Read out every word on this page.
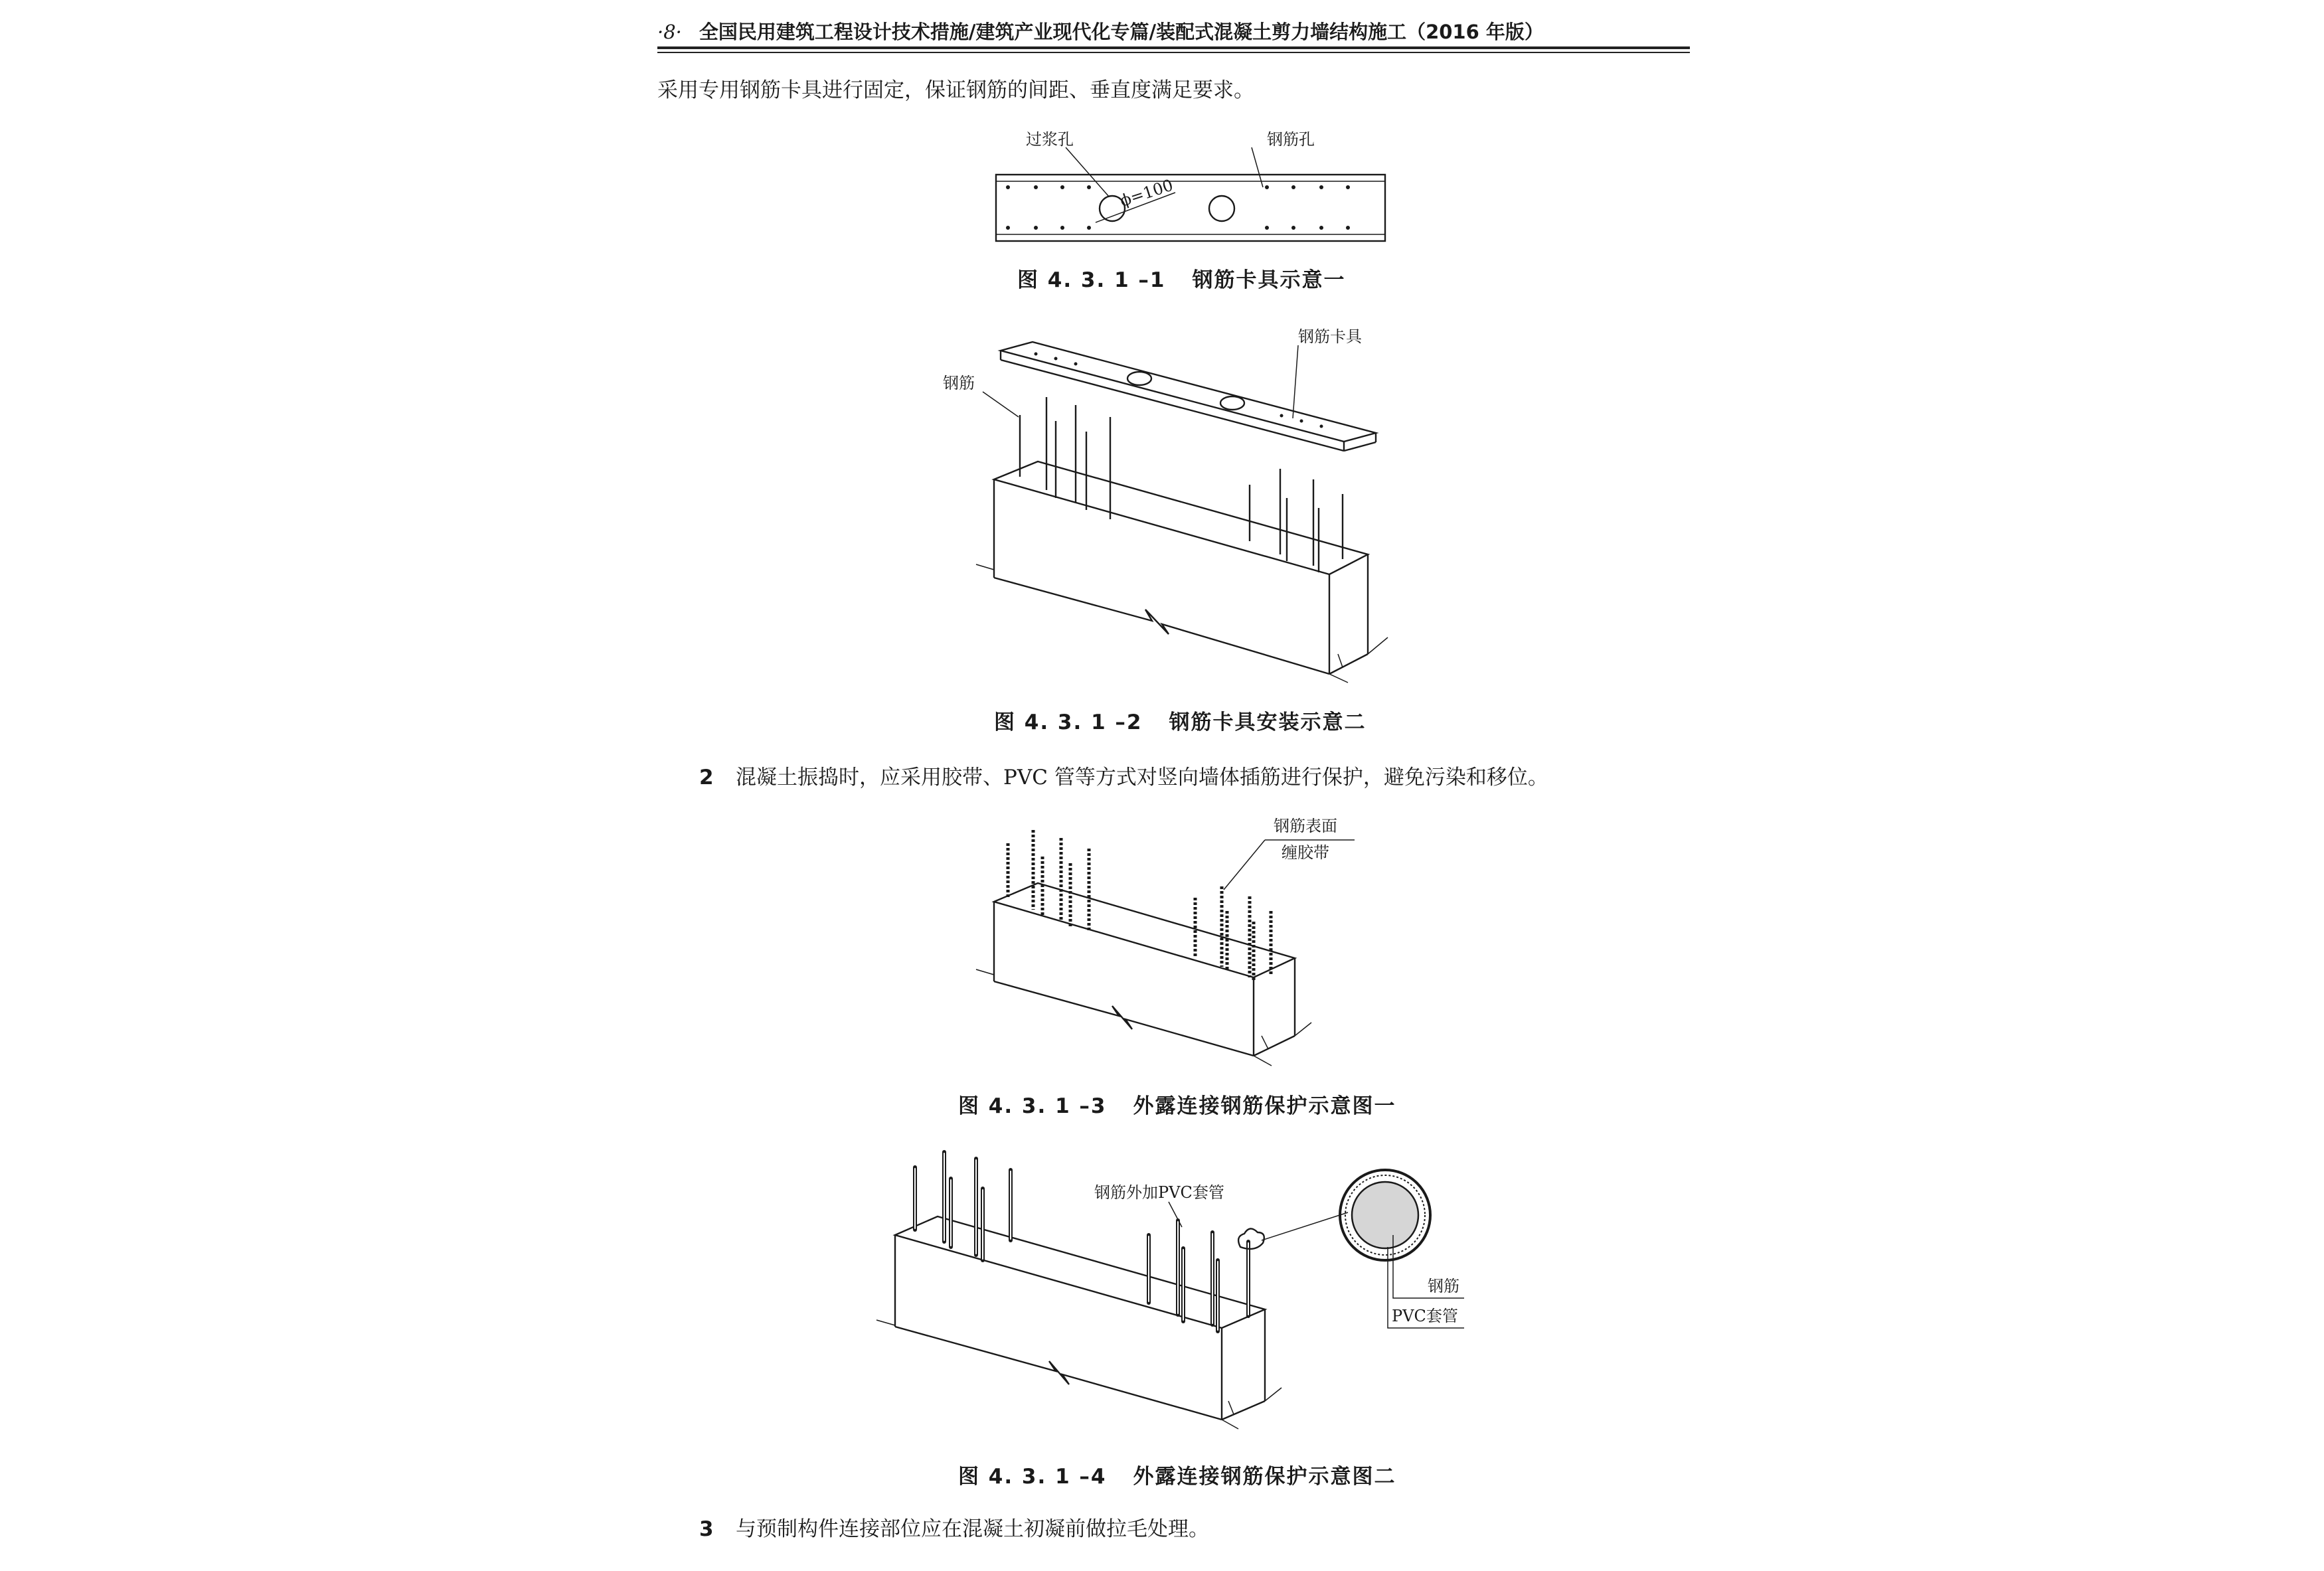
·8· 全国民用建筑工程设计技术措施/建筑产业现代化专篇/装配式混凝土剪力墙结构施工（2016 年版）
采用专用钢筋卡具进行固定，保证钢筋的间距、垂直度满足要求。
ϕ=100
过浆孔	钢筋孔
钢筋卡具
钢筋
钢筋表面
缠胶带
钢筋外加PVC套管
钢筋
PVC套管
图 4. 3. 1 –1 钢筋卡具示意一
图 4. 3. 1 –2 钢筋卡具安装示意二
2 混凝土振捣时，应采用胶带、PVC 管等方式对竖向墙体插筋进行保护，避免污染和移位。
图 4. 3. 1 –3 外露连接钢筋保护示意图一
图 4. 3. 1 –4 外露连接钢筋保护示意图二
3 与预制构件连接部位应在混凝土初凝前做拉毛处理。
